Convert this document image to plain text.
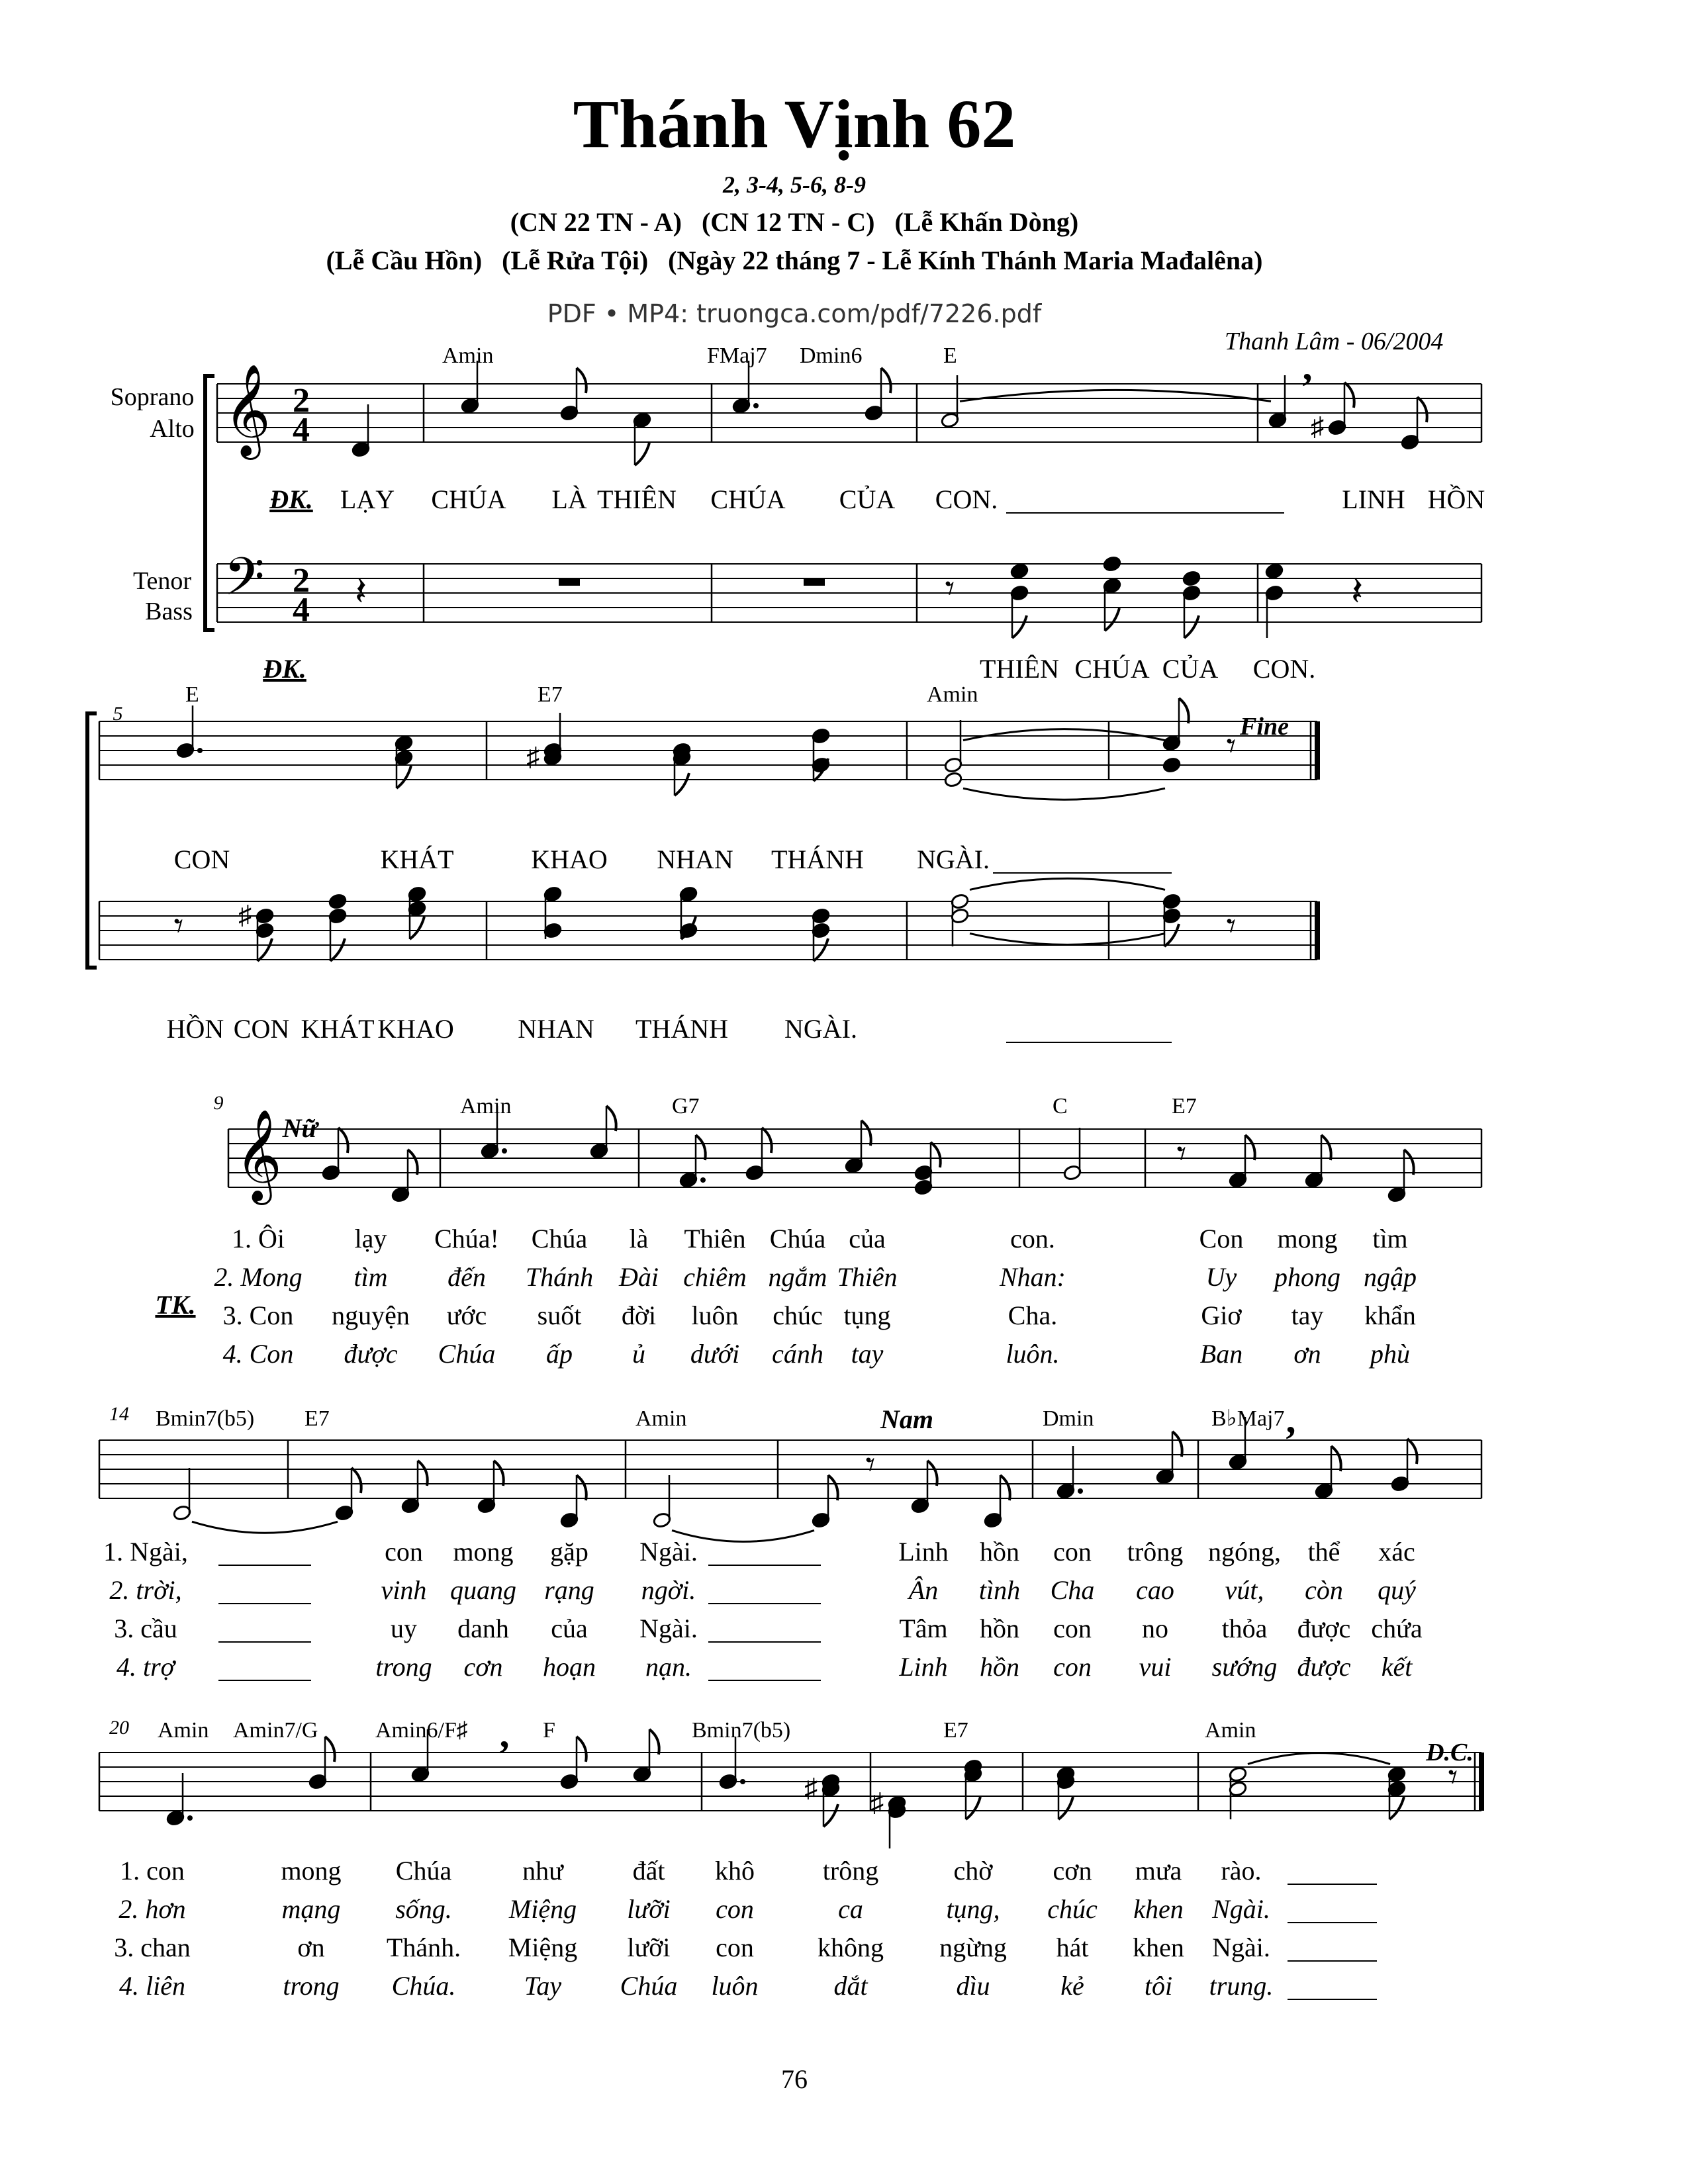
Thánh Vịnh 62
2, 3-4, 5-6, 8-9
(CN 22 TN - A)   (CN 12 TN - C)   (Lễ Khấn Dòng)
(Lễ Cầu Hồn)   (Lễ Rửa Tội)   (Ngày 22 tháng 7 - Lễ Kính Thánh Maria Mađalêna)
PDF • MP4: truongca.com/pdf/7226.pdf
Thanh Lâm - 06/2004
𝄞 2
4
𝄢 2
4
𝄞
♯
,
𝄽	𝄾	𝄽
♯	𝄾
𝄾 ♯	𝄾
𝄾
𝄾
,
,
♯ ♯
𝄾
Soprano
Alto
Tenor
Bass
Amin	FMaj7 Dmin6	E
ĐK. LẠY CHÚA LÀ THIÊN CHÚA CỦA CON.	LINH HỒN
ĐK.	THIÊN CHÚA CỦA CON.
5	Fine
E	E7	Amin
CON	KHÁT	KHAO NHAN THÁNH NGÀI.
HỒN CON KHÁT KHAO NHAN THÁNH NGÀI.
9
Nữ
Amin	G7	C	E7
TK.
1. Ôi	lạy Chúa! Chúa là Thiên Chúa của	con.	Con mong tìm
2. Mong tìm đến Thánh Đài chiêm ngắm Thiên	Nhan:	Uy phong ngập
3. Con nguyện ước suốt đời luôn chúc tụng	Cha.	Giơ tay khẩn
4. Con được Chúa ấp ủ dưới cánh tay	luôn.	Ban ơn phù
14	Nam
Bmin7(b5) E7	Amin	Dmin	B♭Maj7
1. Ngài,	con mong gặp Ngài.	Linh hồn con trông ngóng, thể xác
2. trời,	vinh quang rạng ngời.	Ân tình Cha cao vút, còn quý
3. cầu	uy danh của Ngài.	Tâm hồn con no thỏa được chứa
4. trợ	trong cơn hoạn nạn.	Linh hồn con vui sướng được kết
20
D.C.
Amin Amin7/G	Amin6/F♯	F	Bmin7(b5)	E7	Amin
1. con	mong Chúa	như	đất khô	trông	chờ cơn mưa rào.
2. hơn	mạng sống. Miệng lưỡi con	ca	tụng, chúc khen Ngài.
3. chan	ơn Thánh. Miệng lưỡi con không ngừng hát khen Ngài.
4. liên	trong Chúa.	Tay Chúa luôn	dắt	dìu	kẻ tôi trung.
76
